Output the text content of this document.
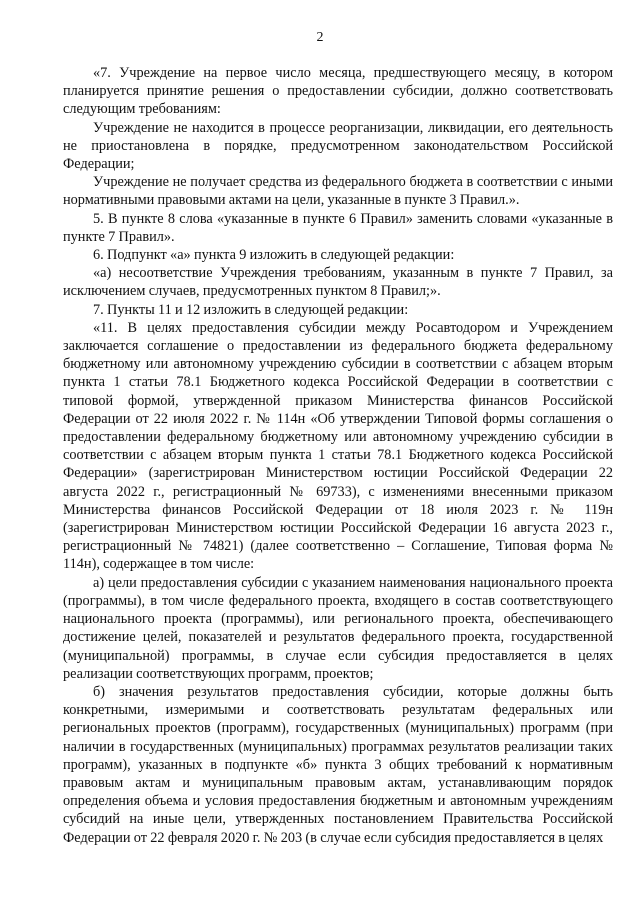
2

«7. Учреждение на первое число месяца, предшествующего месяцу, в котором планируется принятие решения о предоставлении субсидии, должно соответствовать следующим требованиям:

Учреждение не находится в процессе реорганизации, ликвидации, его деятельность не приостановлена в порядке, предусмотренном законодательством Российской Федерации;

Учреждение не получает средства из федерального бюджета в соответствии с иными нормативными правовыми актами на цели, указанные в пункте 3 Правил.».

5. В пункте 8 слова «указанные в пункте 6 Правил» заменить словами «указанные в пункте 7 Правил».

6. Подпункт «а» пункта 9 изложить в следующей редакции:

«а) несоответствие Учреждения требованиям, указанным в пункте 7 Правил, за исключением случаев, предусмотренных пунктом 8 Правил;».

7. Пункты 11 и 12 изложить в следующей редакции:

«11. В целях предоставления субсидии между Росавтодором и Учреждением заключается соглашение о предоставлении из федерального бюджета федеральному бюджетному или автономному учреждению субсидии в соответствии с абзацем вторым пункта 1 статьи 78.1 Бюджетного кодекса Российской Федерации в соответствии с типовой формой, утвержденной приказом Министерства финансов Российской Федерации от 22 июля 2022 г. № 114н «Об утверждении Типовой формы соглашения о предоставлении федеральному бюджетному или автономному учреждению субсидии в соответствии с абзацем вторым пункта 1 статьи 78.1 Бюджетного кодекса Российской Федерации» (зарегистрирован Министерством юстиции Российской Федерации 22 августа 2022 г., регистрационный № 69733), с изменениями внесенными приказом Министерства финансов Российской Федерации от 18 июля 2023 г. № 119н (зарегистрирован Министерством юстиции Российской Федерации 16 августа 2023 г., регистрационный № 74821) (далее соответственно – Соглашение, Типовая форма № 114н), содержащее в том числе:

а) цели предоставления субсидии с указанием наименования национального проекта (программы), в том числе федерального проекта, входящего в состав соответствующего национального проекта (программы), или регионального проекта, обеспечивающего достижение целей, показателей и результатов федерального проекта, государственной (муниципальной) программы, в случае если субсидия предоставляется в целях реализации соответствующих программ, проектов;

б) значения результатов предоставления субсидии, которые должны быть конкретными, измеримыми и соответствовать результатам федеральных или региональных проектов (программ), государственных (муниципальных) программ (при наличии в государственных (муниципальных) программах результатов реализации таких программ), указанных в подпункте «б» пункта 3 общих требований к нормативным правовым актам и муниципальным правовым актам, устанавливающим порядок определения объема и условия предоставления бюджетным и автономным учреждениям субсидий на иные цели, утвержденных постановлением Правительства Российской Федерации от 22 февраля 2020 г. № 203 (в случае если субсидия предоставляется в целях
